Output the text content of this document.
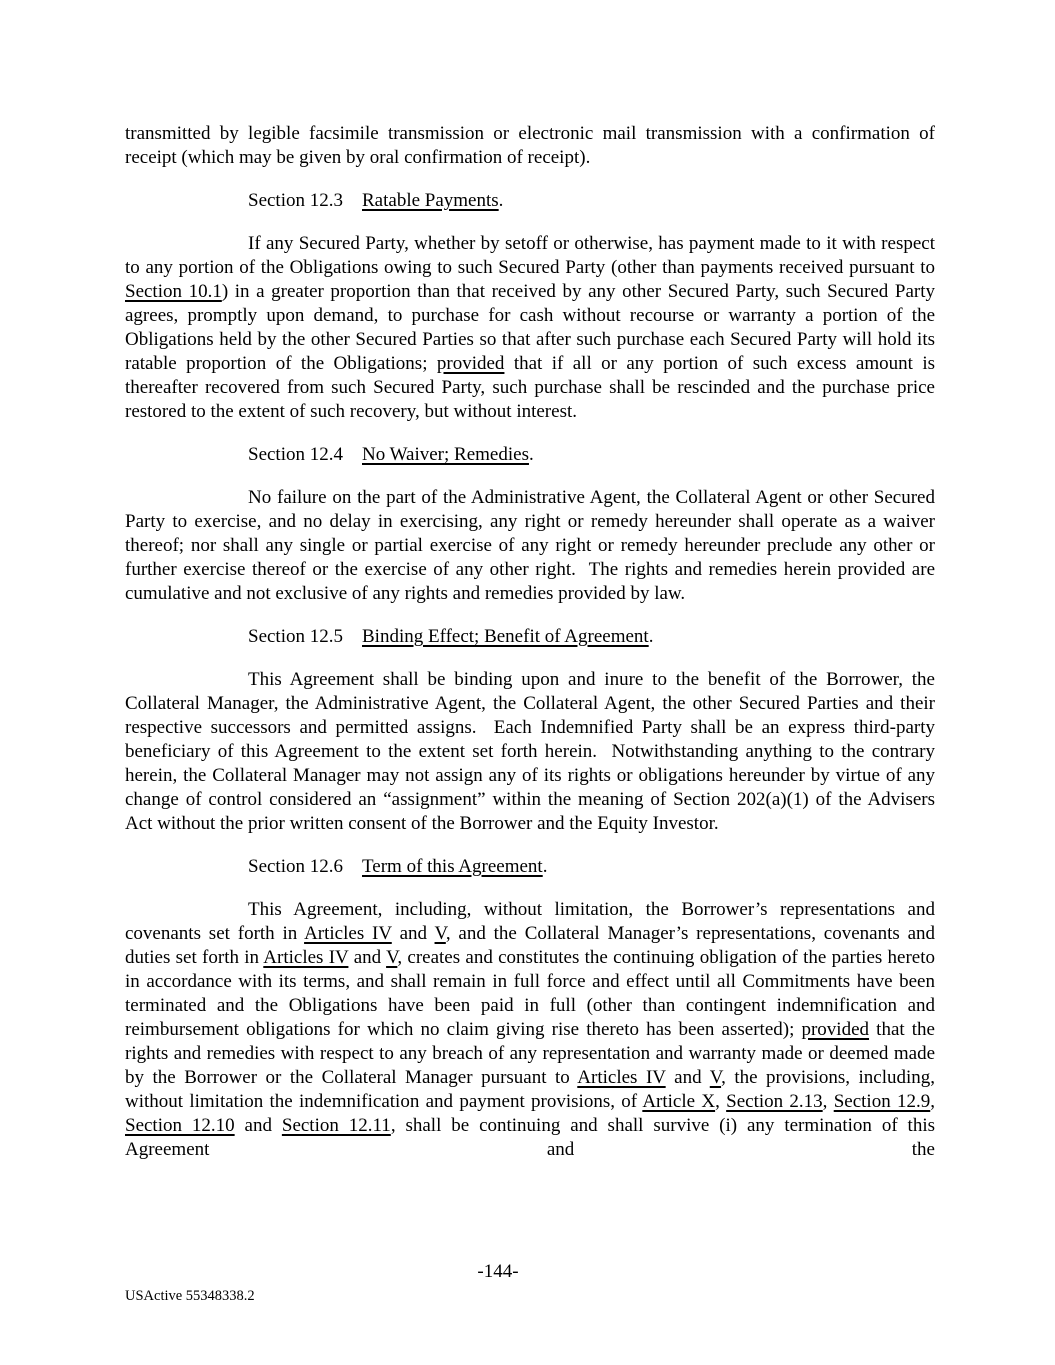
transmitted by legible facsimile transmission or electronic mail transmission with a confirmation of receipt (which may be given by oral confirmation of receipt).

Section 12.3 Ratable Payments.

If any Secured Party, whether by setoff or otherwise, has payment made to it with respect to any portion of the Obligations owing to such Secured Party (other than payments received pursuant to Section 10.1) in a greater proportion than that received by any other Secured Party, such Secured Party agrees, promptly upon demand, to purchase for cash without recourse or warranty a portion of the Obligations held by the other Secured Parties so that after such purchase each Secured Party will hold its ratable proportion of the Obligations; provided that if all or any portion of such excess amount is thereafter recovered from such Secured Party, such purchase shall be rescinded and the purchase price restored to the extent of such recovery, but without interest.

Section 12.4 No Waiver; Remedies.

No failure on the part of the Administrative Agent, the Collateral Agent or other Secured Party to exercise, and no delay in exercising, any right or remedy hereunder shall operate as a waiver thereof; nor shall any single or partial exercise of any right or remedy hereunder preclude any other or further exercise thereof or the exercise of any other right.  The rights and remedies herein provided are cumulative and not exclusive of any rights and remedies provided by law.

Section 12.5 Binding Effect; Benefit of Agreement.

This Agreement shall be binding upon and inure to the benefit of the Borrower, the Collateral Manager, the Administrative Agent, the Collateral Agent, the other Secured Parties and their respective successors and permitted assigns.  Each Indemnified Party shall be an express third-party beneficiary of this Agreement to the extent set forth herein.  Notwithstanding anything to the contrary herein, the Collateral Manager may not assign any of its rights or obligations hereunder by virtue of any change of control considered an “assignment” within the meaning of Section 202(a)(1) of the Advisers Act without the prior written consent of the Borrower and the Equity Investor.

Section 12.6 Term of this Agreement.

This Agreement, including, without limitation, the Borrower’s representations and covenants set forth in Articles IV and V, and the Collateral Manager’s representations, covenants and duties set forth in Articles IV and V, creates and constitutes the continuing obligation of the parties hereto in accordance with its terms, and shall remain in full force and effect until all Commitments have been terminated and the Obligations have been paid in full (other than contingent indemnification and reimbursement obligations for which no claim giving rise thereto has been asserted); provided that the rights and remedies with respect to any breach of any representation and warranty made or deemed made by the Borrower or the Collateral Manager pursuant to Articles IV and V, the provisions, including, without limitation the indemnification and payment provisions, of Article X, Section 2.13, Section 12.9, Section 12.10 and Section 12.11, shall be continuing and shall survive (i) any termination of this Agreement and the

-144-
USActive 55348338.2
